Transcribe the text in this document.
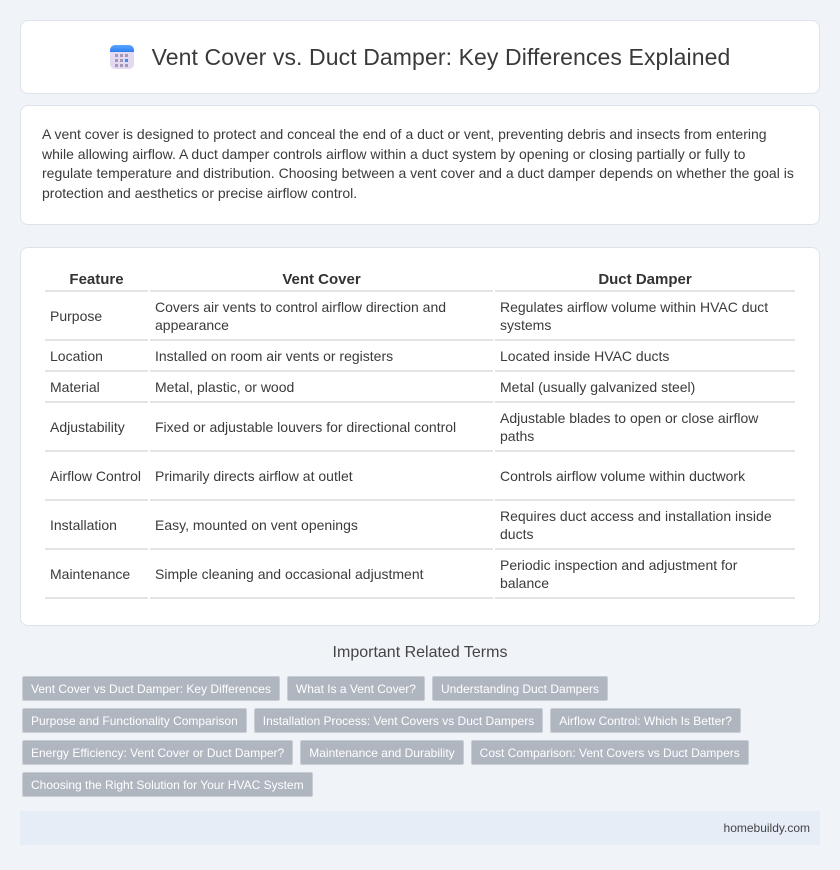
Vent Cover vs. Duct Damper: Key Differences Explained

A vent cover is designed to protect and conceal the end of a duct or vent, preventing debris and insects from entering while allowing airflow. A duct damper controls airflow within a duct system by opening or closing partially or fully to regulate temperature and distribution. Choosing between a vent cover and a duct damper depends on whether the goal is protection and aesthetics or precise airflow control.

Feature	Vent Cover	Duct Damper
Purpose	Covers air vents to control airflow direction and appearance	Regulates airflow volume within HVAC duct systems
Location	Installed on room air vents or registers	Located inside HVAC ducts
Material	Metal, plastic, or wood	Metal (usually galvanized steel)
Adjustability	Fixed or adjustable louvers for directional control	Adjustable blades to open or close airflow paths
Airflow Control	Primarily directs airflow at outlet	Controls airflow volume within ductwork
Installation	Easy, mounted on vent openings	Requires duct access and installation inside ducts
Maintenance	Simple cleaning and occasional adjustment	Periodic inspection and adjustment for balance
Important Related Terms
Vent Cover vs Duct Damper: Key Differences	What Is a Vent Cover?	Understanding Duct Dampers
Purpose and Functionality Comparison	Installation Process: Vent Covers vs Duct Dampers	Airflow Control: Which Is Better?
Energy Efficiency: Vent Cover or Duct Damper?	Maintenance and Durability	Cost Comparison: Vent Covers vs Duct Dampers
Choosing the Right Solution for Your HVAC System
homebuildy.com
